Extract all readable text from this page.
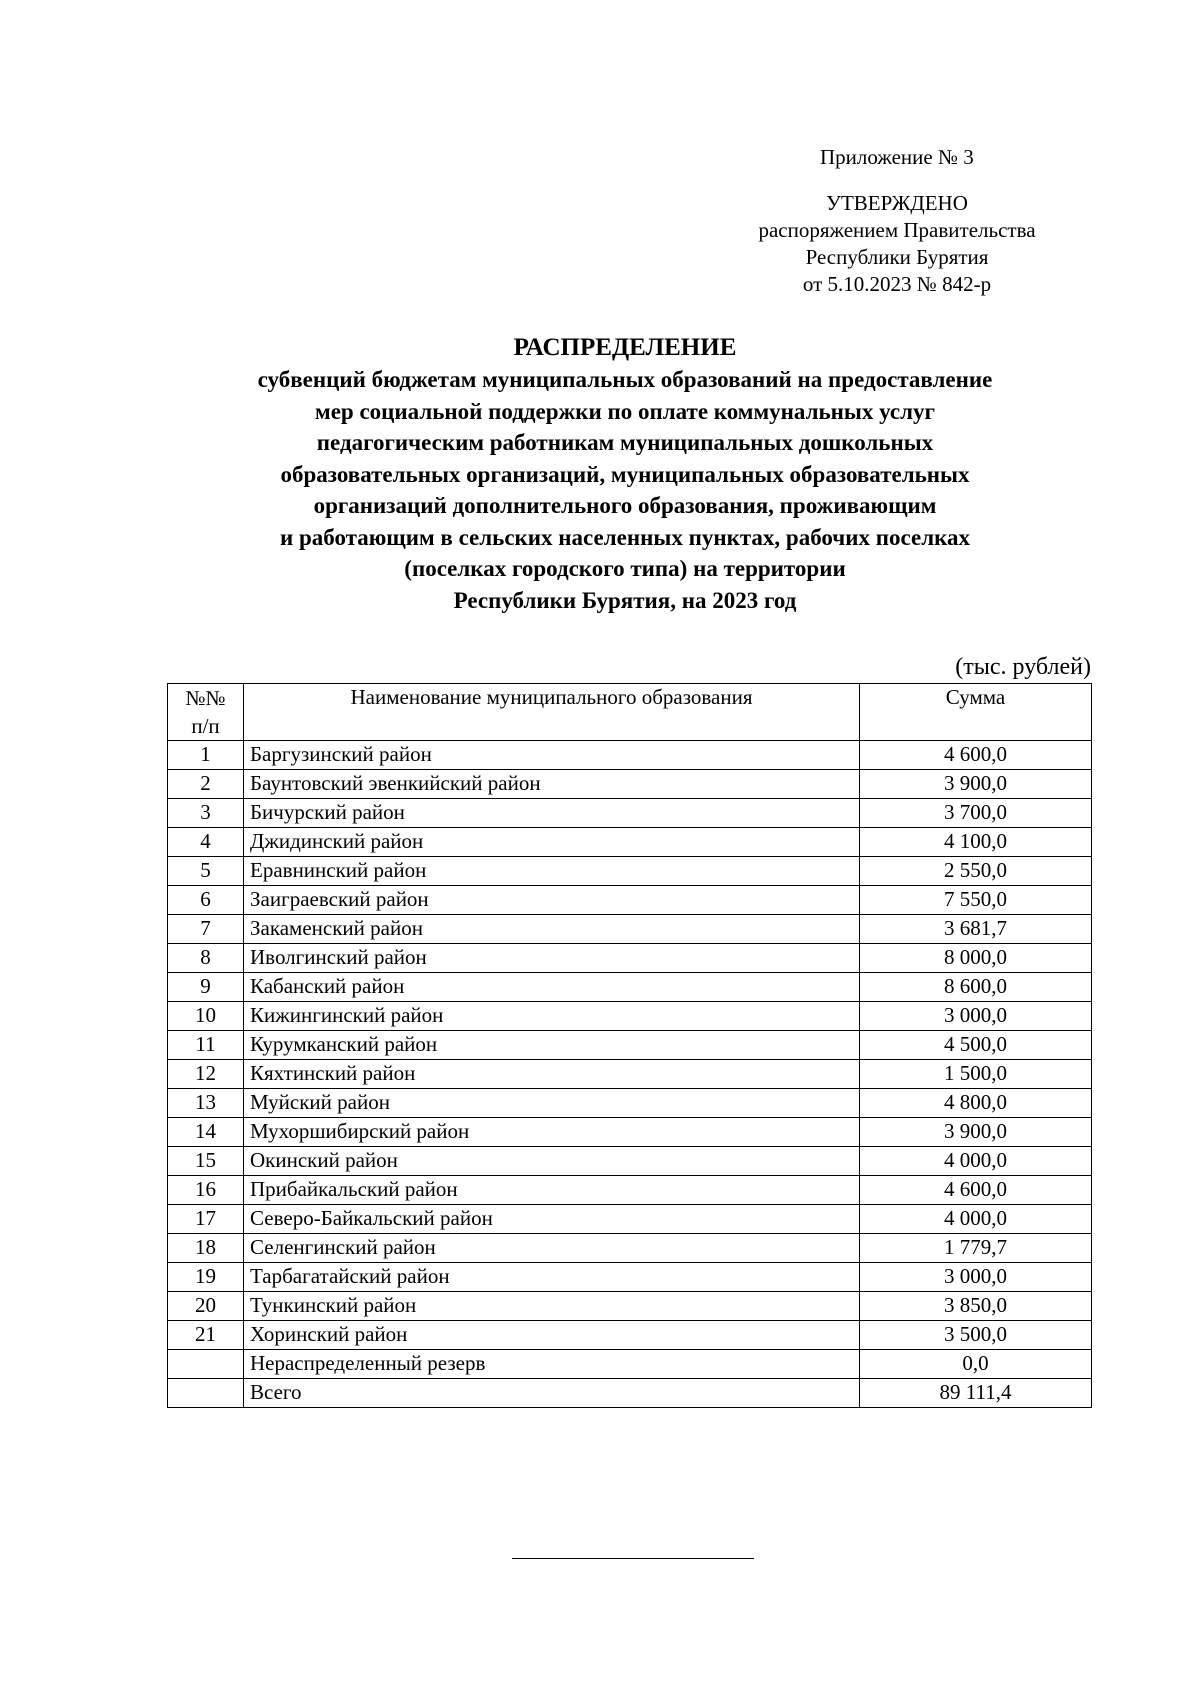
Приложение № 3
УТВЕРЖДЕНО
распоряжением Правительства
Республики Бурятия
от 5.10.2023 № 842-р
РАСПРЕДЕЛЕНИЕ
субвенций бюджетам муниципальных образований на предоставление
мер социальной поддержки по оплате коммунальных услуг
педагогическим работникам муниципальных дошкольных
образовательных организаций, муниципальных образовательных
организаций дополнительного образования, проживающим
и работающим в сельских населенных пунктах, рабочих поселках
(поселках городского типа) на территории
Республики Бурятия, на 2023 год
(тыс. рублей)
№№
п/п	Наименование муниципального образования	Сумма
1	Баргузинский район	4 600,0
2	Баунтовский эвенкийский район	3 900,0
3	Бичурский район	3 700,0
4	Джидинский район	4 100,0
5	Еравнинский район	2 550,0
6	Заиграевский район	7 550,0
7	Закаменский район	3 681,7
8	Иволгинский район	8 000,0
9	Кабанский район	8 600,0
10	Кижингинский район	3 000,0
11	Курумканский район	4 500,0
12	Кяхтинский район	1 500,0
13	Муйский район	4 800,0
14	Мухоршибирский район	3 900,0
15	Окинский район	4 000,0
16	Прибайкальский район	4 600,0
17	Северо-Байкальский район	4 000,0
18	Селенгинский район	1 779,7
19	Тарбагатайский район	3 000,0
20	Тункинский район	3 850,0
21	Хоринский район	3 500,0
	Нераспределенный резерв	0,0
	Всего	89 111,4
